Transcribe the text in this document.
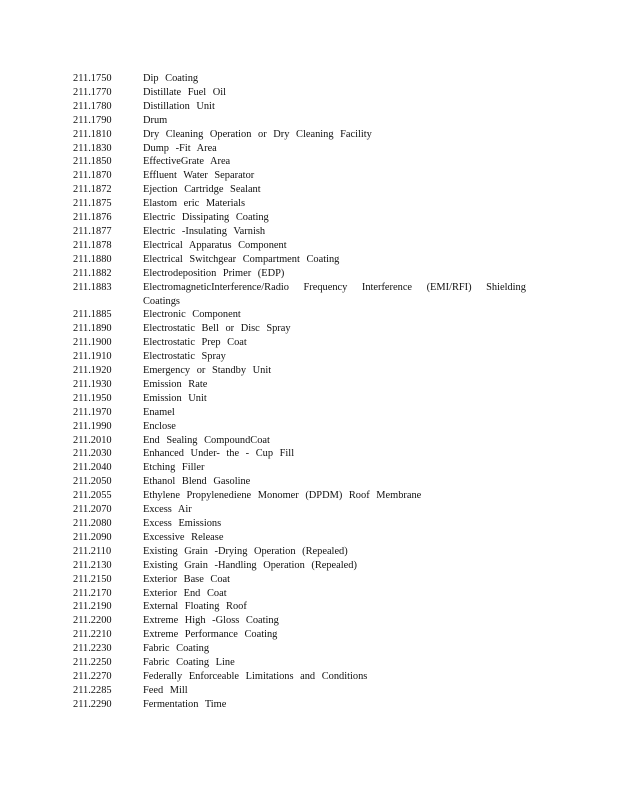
211.1750	Dip Coating
211.1770	Distillate Fuel Oil
211.1780	Distillation Unit
211.1790	Drum
211.1810	Dry Cleaning Operation or Dry Cleaning Facility
211.1830	Dump -Fit Area
211.1850	EffectiveGrate Area
211.1870	Effluent Water Separator
211.1872	Ejection Cartridge Sealant
211.1875	Elastom eric Materials
211.1876	Electric Dissipating Coating
211.1877	Electric -Insulating Varnish
211.1878	Electrical Apparatus Component
211.1880	Electrical Switchgear Compartment Coating
211.1882	Electrodeposition Primer (EDP)
211.1883	ElectromagneticInterference/Radio Frequency Interference (EMI/RFI) Shielding
Coatings
211.1885	Electronic Component
211.1890	Electrostatic Bell or Disc Spray
211.1900	Electrostatic Prep Coat
211.1910	Electrostatic Spray
211.1920	Emergency or Standby Unit
211.1930	Emission Rate
211.1950	Emission Unit
211.1970	Enamel
211.1990	Enclose
211.2010	End Sealing CompoundCoat
211.2030	Enhanced Under- the - Cup Fill
211.2040	Etching Filler
211.2050	Ethanol Blend Gasoline
211.2055	Ethylene Propylenediene Monomer (DPDM) Roof Membrane
211.2070	Excess Air
211.2080	Excess Emissions
211.2090	Excessive Release
211.2110	Existing Grain -Drying Operation (Repealed)
211.2130	Existing Grain -Handling Operation (Repealed)
211.2150	Exterior Base Coat
211.2170	Exterior End Coat
211.2190	External Floating Roof
211.2200	Extreme High -Gloss Coating
211.2210	Extreme Performance Coating
211.2230	Fabric Coating
211.2250	Fabric Coating Line
211.2270	Federally Enforceable Limitations and Conditions
211.2285	Feed Mill
211.2290	Fermentation Time
